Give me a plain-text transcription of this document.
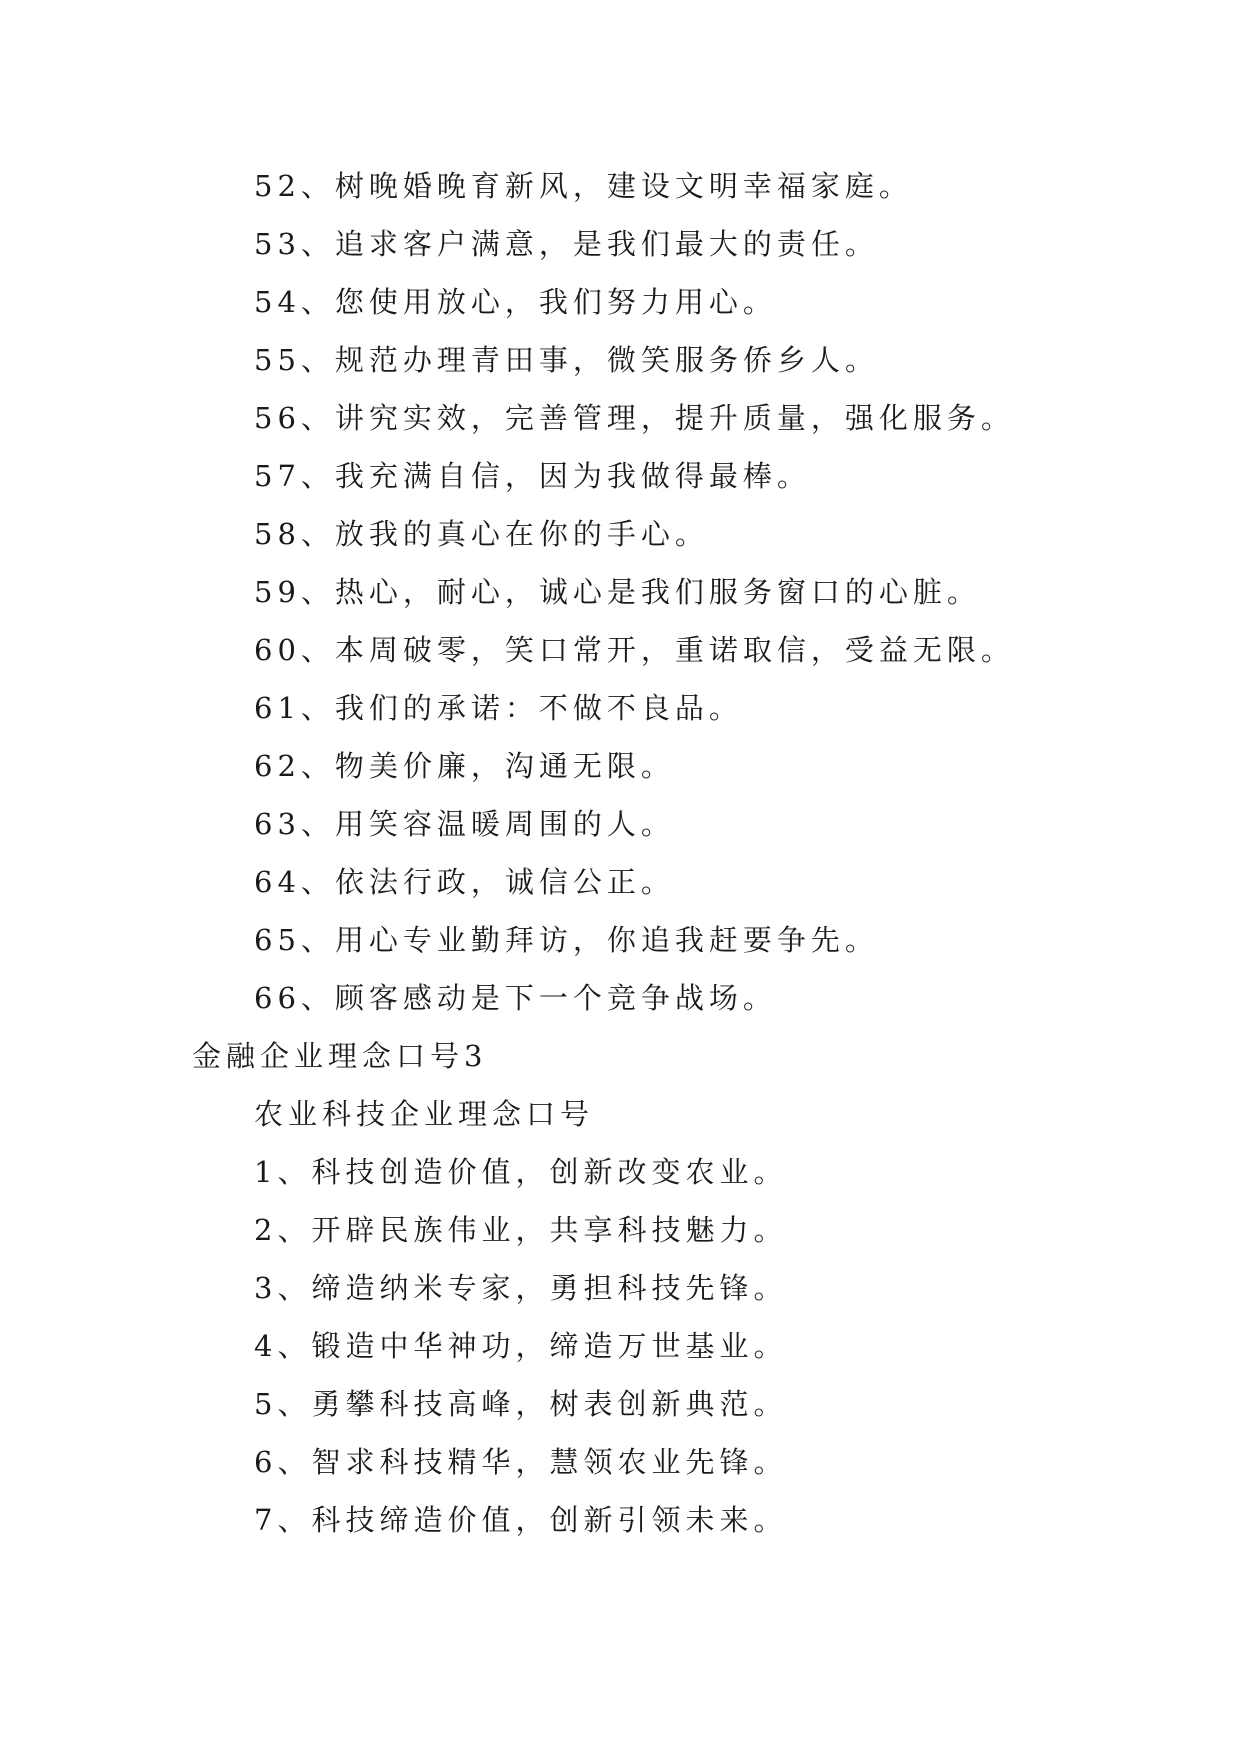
52、树晚婚晚育新风，建设文明幸福家庭。
53、追求客户满意，是我们最大的责任。
54、您使用放心，我们努力用心。
55、规范办理青田事，微笑服务侨乡人。
56、讲究实效，完善管理，提升质量，强化服务。
57、我充满自信，因为我做得最棒。
58、放我的真心在你的手心。
59、热心，耐心，诚心是我们服务窗口的心脏。
60、本周破零，笑口常开，重诺取信，受益无限。
61、我们的承诺：不做不良品。
62、物美价廉，沟通无限。
63、用笑容温暖周围的人。
64、依法行政，诚信公正。
65、用心专业勤拜访，你追我赶要争先。
66、顾客感动是下一个竞争战场。
金融企业理念口号3
农业科技企业理念口号
1、科技创造价值，创新改变农业。
2、开辟民族伟业，共享科技魅力。
3、缔造纳米专家，勇担科技先锋。
4、锻造中华神功，缔造万世基业。
5、勇攀科技高峰，树表创新典范。
6、智求科技精华，慧领农业先锋。
7、科技缔造价值，创新引领未来。
